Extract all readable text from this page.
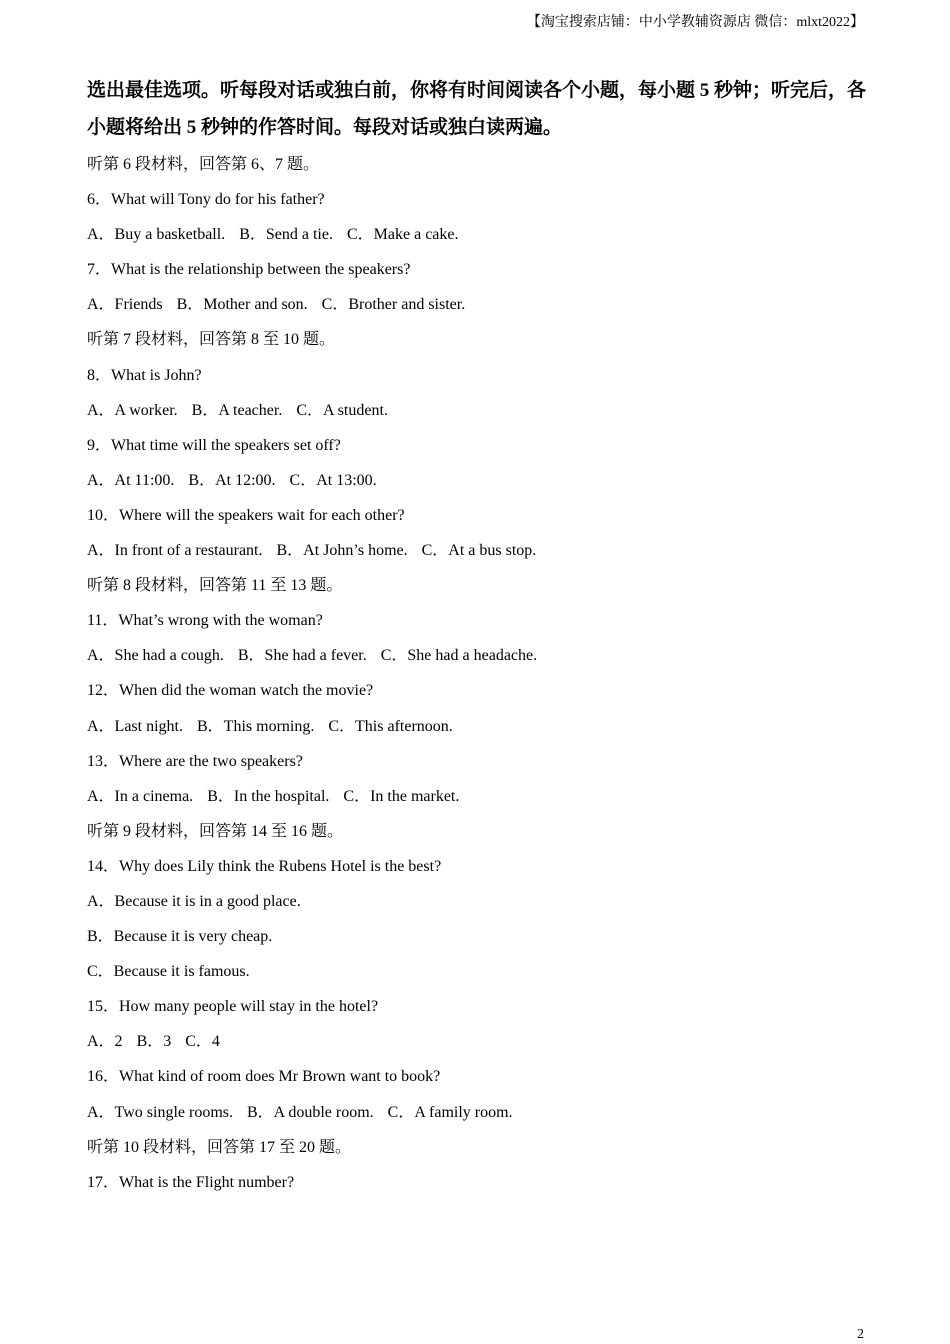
【淘宝搜索店铺：中小学教辅资源店 微信：mlxt2022】
选出最佳选项。听每段对话或独白前，你将有时间阅读各个小题，每小题 5 秒钟；听完后，各小题将给出 5 秒钟的作答时间。每段对话或独白读两遍。
听第 6 段材料，回答第 6、7 题。
6．What will Tony do for his father?
A．Buy a basketball. B．Send a tie. C．Make a cake.
7．What is the relationship between the speakers?
A．Friends B．Mother and son. C．Brother and sister.
听第 7 段材料，回答第 8 至 10 题。
8．What is John?
A．A worker. B．A teacher. C．A student.
9．What time will the speakers set off?
A．At 11:00. B．At 12:00. C．At 13:00.
10．Where will the speakers wait for each other?
A．In front of a restaurant. B．At John’s home. C．At a bus stop.
听第 8 段材料，回答第 11 至 13 题。
11．What’s wrong with the woman?
A．She had a cough. B．She had a fever. C．She had a headache.
12．When did the woman watch the movie?
A．Last night. B．This morning. C．This afternoon.
13．Where are the two speakers?
A．In a cinema. B．In the hospital. C．In the market.
听第 9 段材料，回答第 14 至 16 题。
14．Why does Lily think the Rubens Hotel is the best?
A．Because it is in a good place.
B．Because it is very cheap.
C．Because it is famous.
15．How many people will stay in the hotel?
A．2 B．3 C．4
16．What kind of room does Mr Brown want to book?
A．Two single rooms. B．A double room. C．A family room.
听第 10 段材料，回答第 17 至 20 题。
17．What is the Flight number?
2
